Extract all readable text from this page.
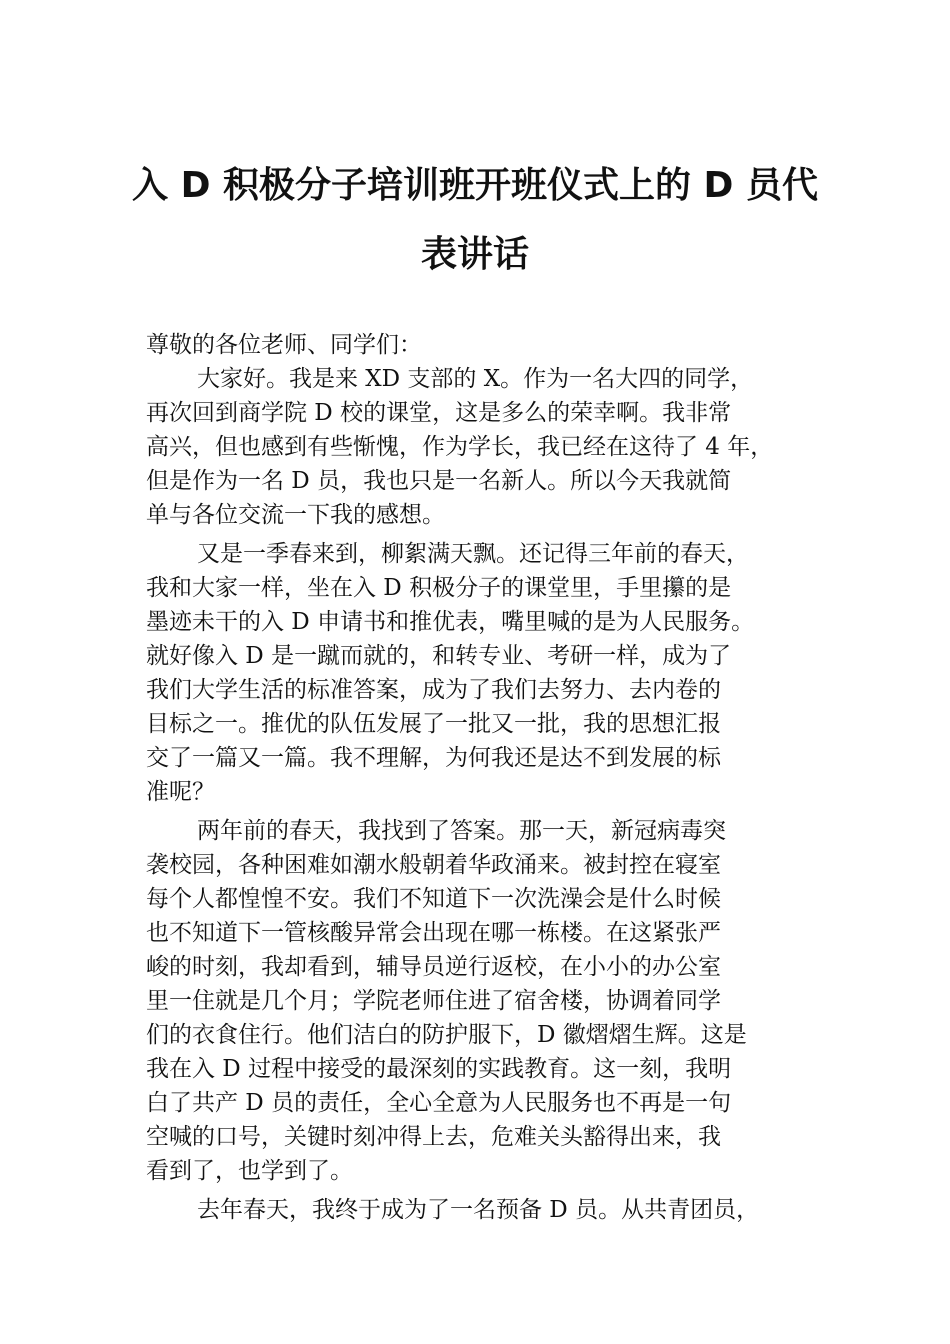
入 D 积极分子培训班开班仪式上的 D 员代
表讲话
尊敬的各位老师、同学们：
大家好。我是来 XD 支部的 X。作为一名大四的同学，
再次回到商学院 D 校的课堂，这是多么的荣幸啊。我非常
高兴，但也感到有些惭愧，作为学长，我已经在这待了 4 年，
但是作为一名 D 员，我也只是一名新人。所以今天我就简
单与各位交流一下我的感想。
又是一季春来到，柳絮满天飘。还记得三年前的春天，
我和大家一样，坐在入 D 积极分子的课堂里，手里攥的是
墨迹未干的入 D 申请书和推优表，嘴里喊的是为人民服务。
就好像入 D 是一蹴而就的，和转专业、考研一样，成为了
我们大学生活的标准答案，成为了我们去努力、去内卷的
目标之一。推优的队伍发展了一批又一批，我的思想汇报
交了一篇又一篇。我不理解，为何我还是达不到发展的标
准呢？
两年前的春天，我找到了答案。那一天，新冠病毒突
袭校园，各种困难如潮水般朝着华政涌来。被封控在寝室
每个人都惶惶不安。我们不知道下一次洗澡会是什么时候
也不知道下一管核酸异常会出现在哪一栋楼。在这紧张严
峻的时刻，我却看到，辅导员逆行返校，在小小的办公室
里一住就是几个月；学院老师住进了宿舍楼，协调着同学
们的衣食住行。他们洁白的防护服下，D 徽熠熠生辉。这是
我在入 D 过程中接受的最深刻的实践教育。这一刻，我明
白了共产 D 员的责任，全心全意为人民服务也不再是一句
空喊的口号，关键时刻冲得上去，危难关头豁得出来，我
看到了，也学到了。
去年春天，我终于成为了一名预备 D 员。从共青团员，
